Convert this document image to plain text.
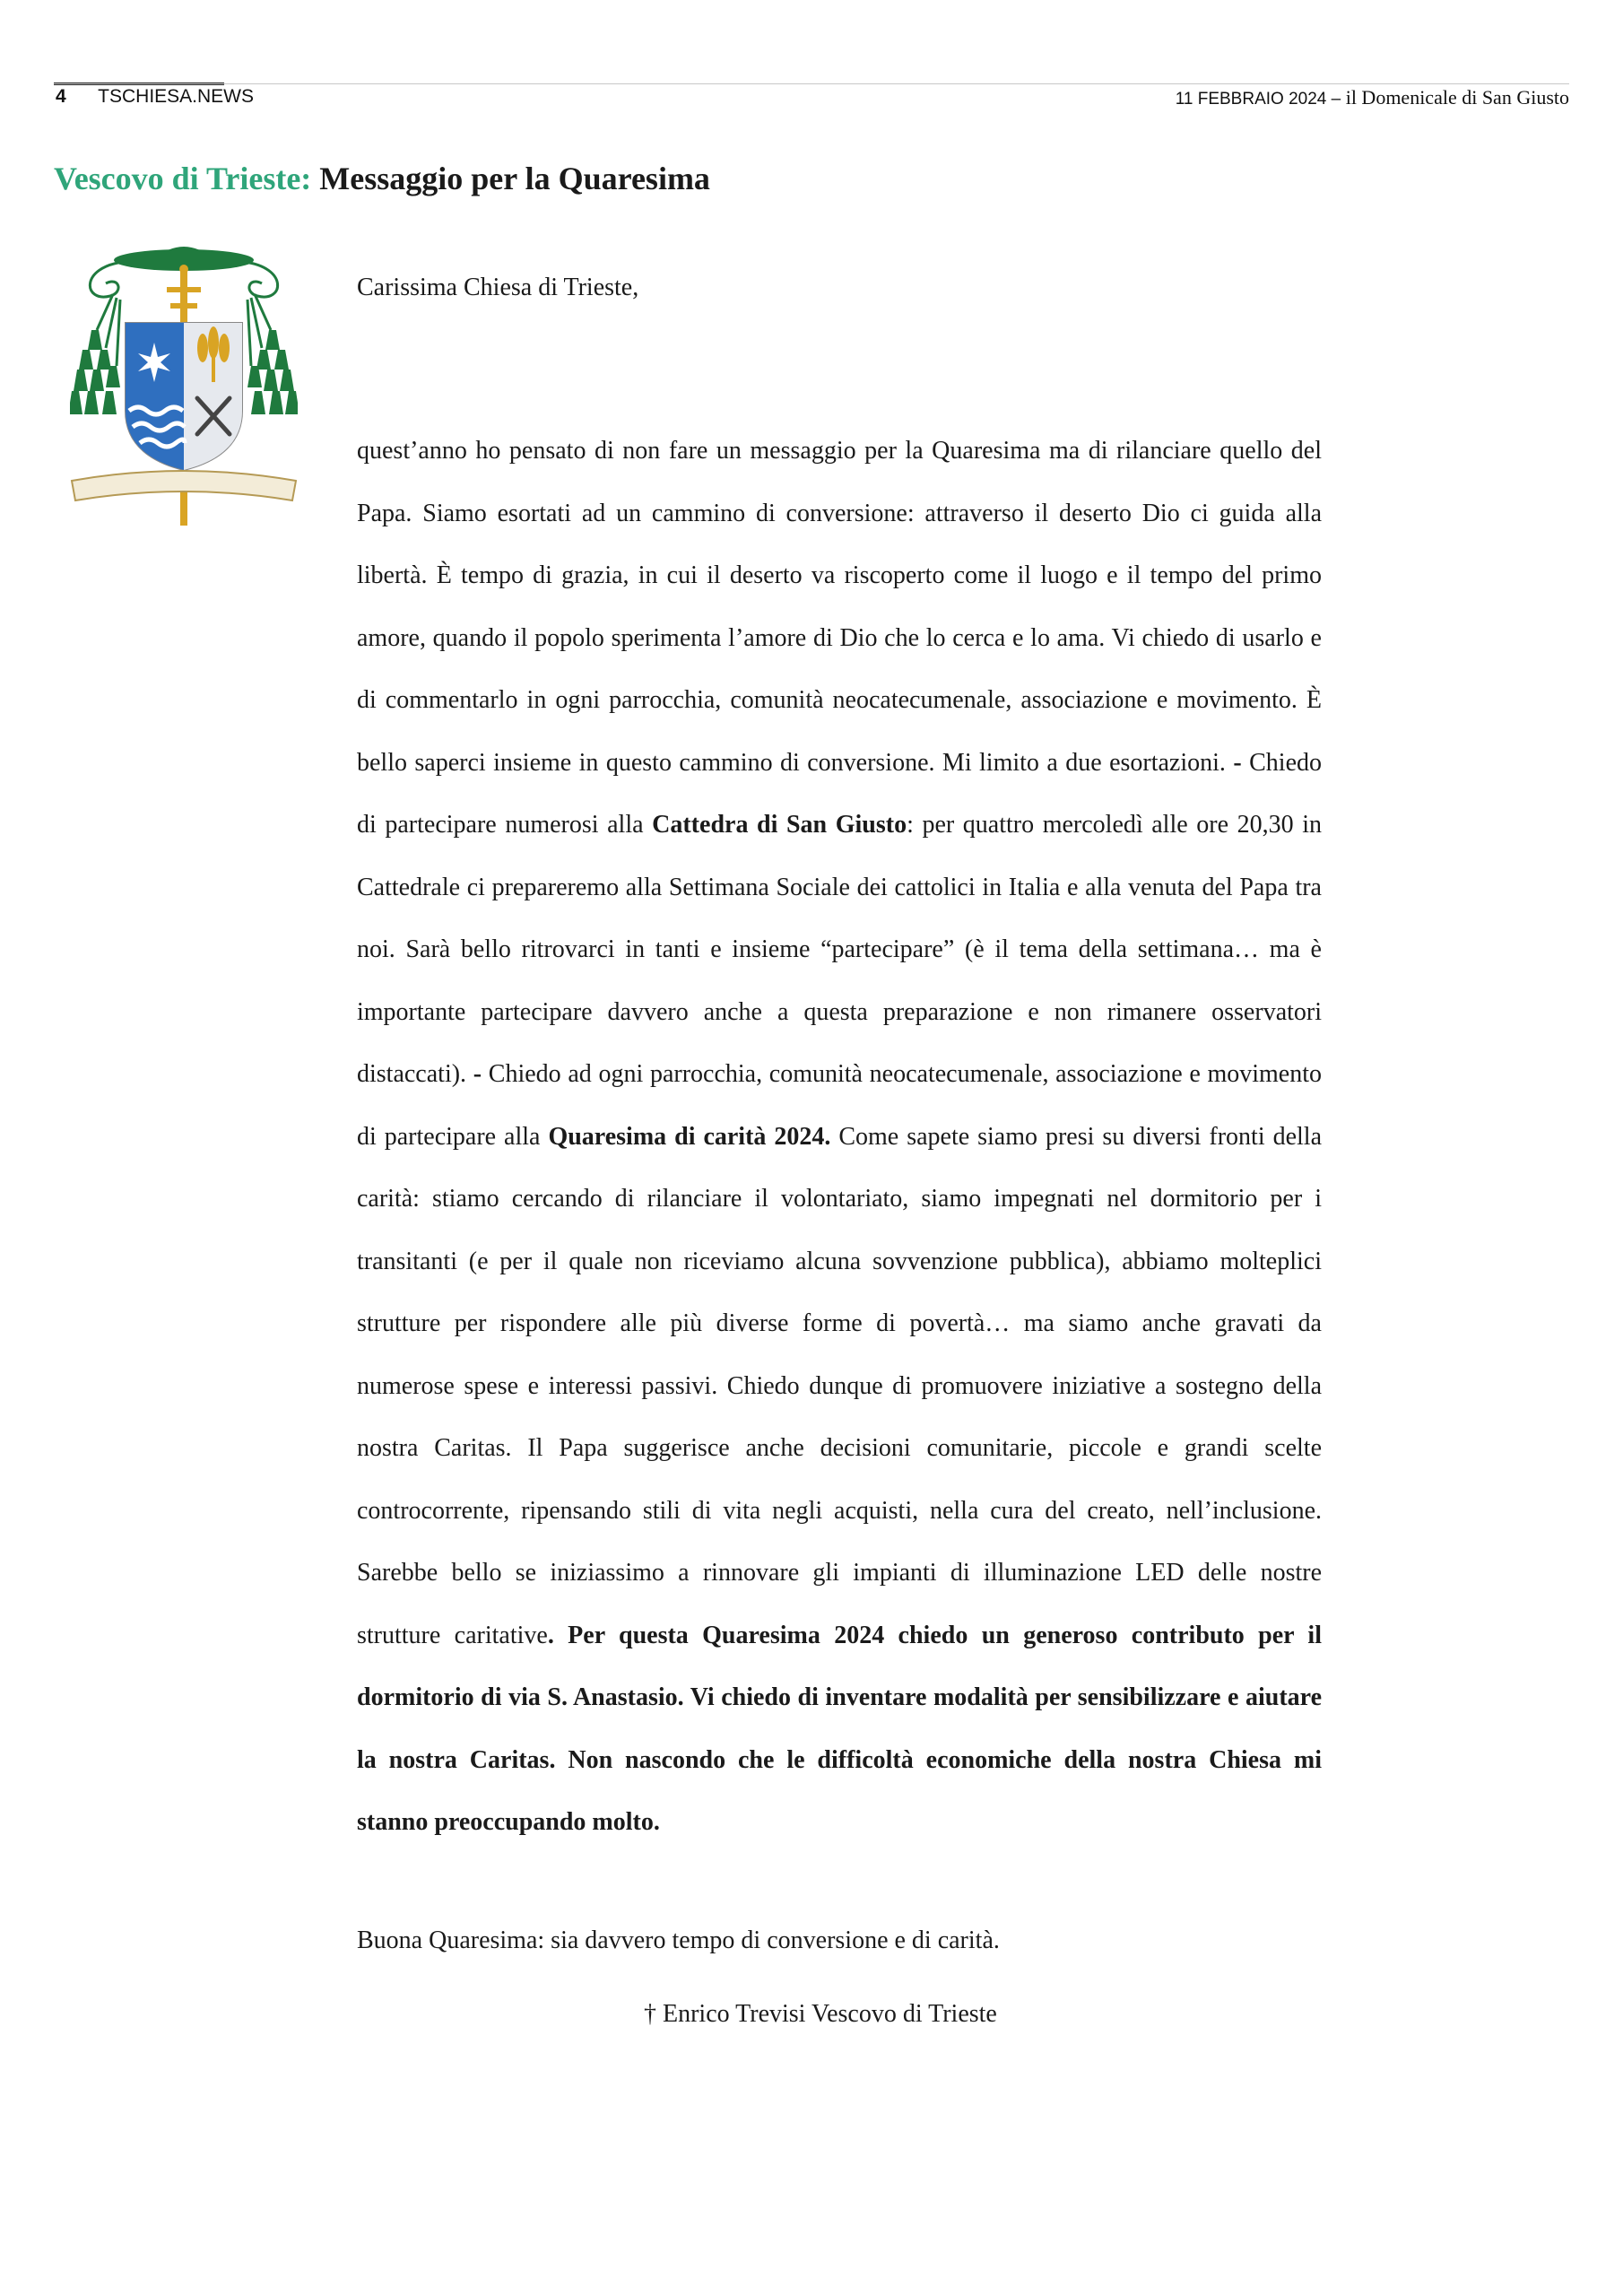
4 TSCHIESA.NEWS	11 FEBBRAIO 2024 – il Domenicale di San Giusto
Vescovo di Trieste: Messaggio per la Quaresima
Carissima Chiesa di Trieste,
quest’anno ho pensato di non fare un messaggio per la Quaresima ma di rilanciare quello del Papa. Siamo esortati ad un cammino di conversione: attraverso il deserto Dio ci guida alla libertà. È tempo di grazia, in cui il deserto va riscoperto come il luogo e il tempo del primo amore, quando il popolo sperimenta l’amore di Dio che lo cerca e lo ama. Vi chiedo di usarlo e di commentarlo in ogni parrocchia, comunità neocatecumenale, associazione e movimento. È bello saperci insieme in questo cammino di conversione. Mi limito a due esortazioni. - Chiedo di partecipare numerosi alla Cattedra di San Giusto: per quattro mercoledì alle ore 20,30 in Cattedrale ci prepareremo alla Settimana Sociale dei cattolici in Italia e alla venuta del Papa tra noi. Sarà bello ritrovarci in tanti e insieme “partecipare” (è il tema della settimana… ma è importante partecipare davvero anche a questa preparazione e non rimanere osservatori distaccati). - Chiedo ad ogni parrocchia, comunità neocatecumenale, associazione e movimento di partecipare alla Quaresima di carità 2024. Come sapete siamo presi su diversi fronti della carità: stiamo cercando di rilanciare il volontariato, siamo impegnati nel dormitorio per i transitanti (e per il quale non riceviamo alcuna sovvenzione pubblica), abbiamo molteplici strutture per rispondere alle più diverse forme di povertà… ma siamo anche gravati da numerose spese e interessi passivi. Chiedo dunque di promuovere iniziative a sostegno della nostra Caritas. Il Papa suggerisce anche decisioni comunitarie, piccole e grandi scelte controcorrente, ripensando stili di vita negli acquisti, nella cura del creato, nell’inclusione. Sarebbe bello se iniziassimo a rinnovare gli impianti di illuminazione LED delle nostre strutture caritative. Per questa Quaresima 2024 chiedo un generoso contributo per il dormitorio di via S. Anastasio. Vi chiedo di inventare modalità per sensibilizzare e aiutare la nostra Caritas. Non nascondo che le difficoltà economiche della nostra Chiesa mi stanno preoccupando molto.
Buona Quaresima: sia davvero tempo di conversione e di carità.
† Enrico Trevisi Vescovo di Trieste
